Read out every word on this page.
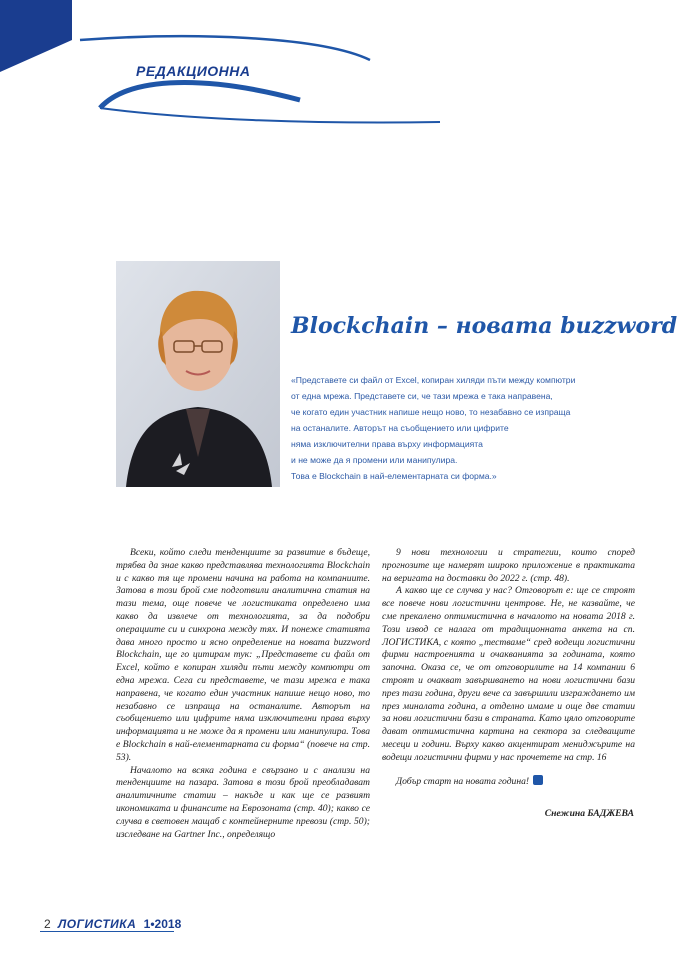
РЕДАКЦИОННА
Blockchain – новата buzzword

«Представете си файл от Excel, копиран хиляди пъти между компютри
от една мрежа. Представете си, че тази мрежа е така направена,
че когато един участник напише нещо ново, то незабавно се изпраща
на останалите. Авторът на съобщението или цифрите
няма изключителни права върху информацията
и не може да я промени или манипулира.
Това е Blockchain в най-елементарната си форма.»

Всеки, който следи тенденциите за развитие в бъдеще, трябва да знае какво представлява технологията Blockchain и с какво тя ще промени начина на работа на компаниите. Затова в този брой сме подготвили аналитична статия на тази тема, още повече че логистиката определено има какво да извлече от технологията, за да подобри операциите си и синхрона между тях. И понеже статията дава много просто и ясно определение на новата buzzword Blockchain, ще го цитирам тук: „Представете си файл от Excel, който е копиран хиляди пъти между компютри от една мрежа. Сега си представете, че тази мрежа е така направена, че когато един участник напише нещо ново, то незабавно се изпраща на останалите. Авторът на съобщението или цифрите няма изключителни права върху информацията и не може да я промени или манипулира. Това е Blockchain в най-елементарната си форма“ (повече на стр. 53).

Началото на всяка година е свързано и с анализи на тенденциите на пазара. Затова в този брой преобладават аналитичните статии – накъде и как ще се развият икономиката и финансите на Еврозоната (стр. 40); какво се случва в световен мащаб с контейнерните превози (стр. 50); изследване на Gartner Inc., определящо

9 нови технологии и стратегии, които според прогнозите ще намерят широко приложение в практиката на веригата на доставки до 2022 г. (стр. 48).

А какво ще се случва у нас? Отговорът е: ще се строят все повече нови логистични центрове. Не, не казвайте, че сме прекалено оптимистична в началото на новата 2018 г. Този извод се налага от традиционната анкета на сп. ЛОГИСТИКА, с която „тестваме“ сред водещи логистични фирми настроенията и очакванията за годината, която започна. Оказа се, че от отговорилите на 14 компании 6 строят и очакват завършването на нови логистични бази през тази година, други вече са завършили изграждането им през миналата година, а отделно имаме и още две статии за нови логистични бази в страната. Като цяло отговорите дават оптимистична картина на сектора за следващите месеци и години. Върху какво акцентират мениджърите на водещи логистични фирми у нас прочетете на стр. 16

Добър старт на новата година!
Снежина БАДЖЕВА
2 ЛОГИСТИКА 1•2018
